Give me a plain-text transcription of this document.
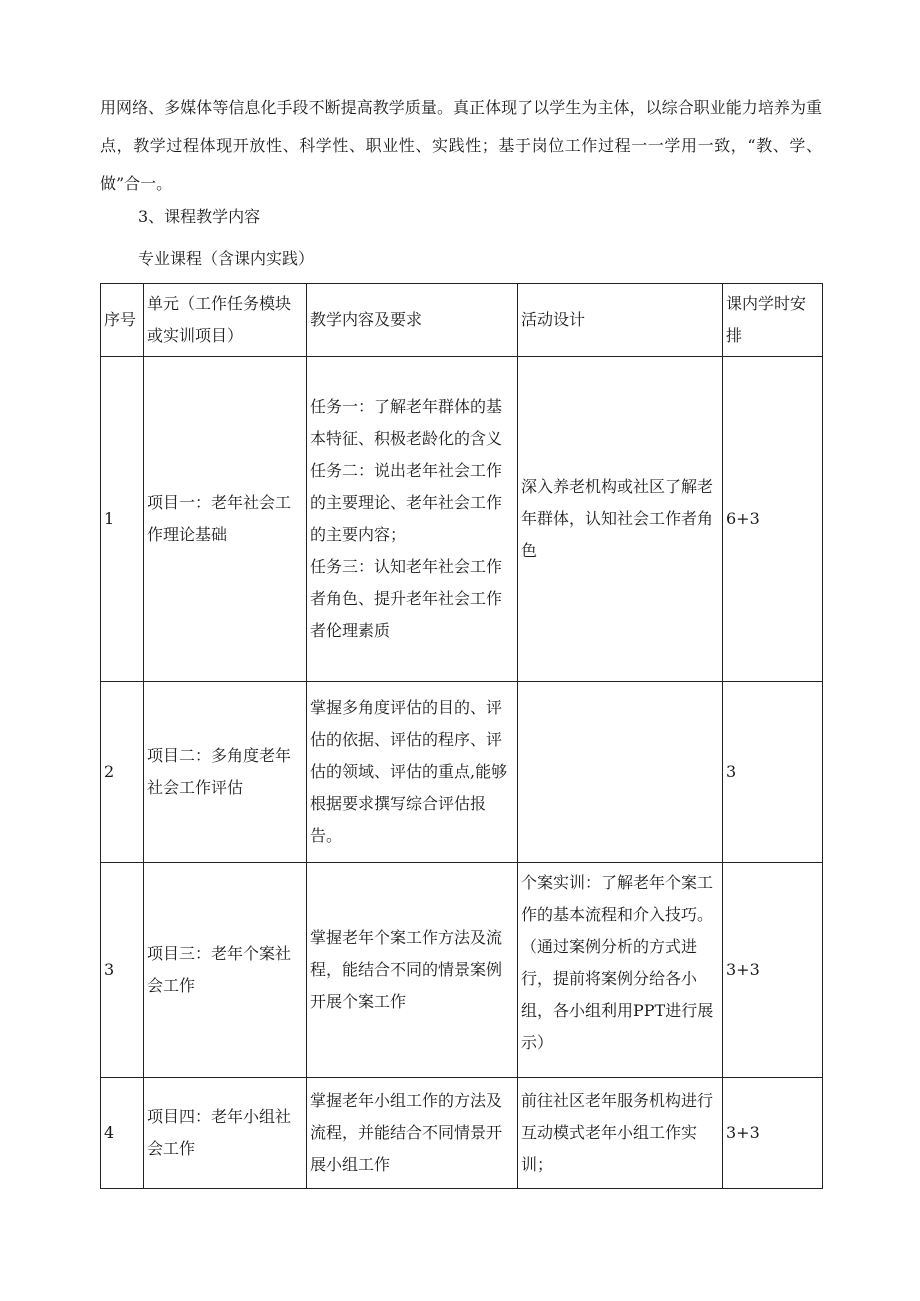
用网络、多媒体等信息化手段不断提高教学质量。真正体现了以学生为主体，以综合职业能力培养为重点，教学过程体现开放性、科学性、职业性、实践性；基于岗位工作过程一一学用一致，“教、学、做”合一。

3、课程教学内容
专业课程（含课内实践）
序号	单元（工作任务模块或实训项目）	教学内容及要求	活动设计	课内学时安排
1	项目一：老年社会工作理论基础	任务一：了解老年群体的基本特征、积极老龄化的含义
任务二：说出老年社会工作的主要理论、老年社会工作的主要内容；
任务三：认知老年社会工作者角色、提升老年社会工作者伦理素质	深入养老机构或社区了解老年群体，认知社会工作者角色	6+3
2	项目二：多角度老年社会工作评估	掌握多角度评估的目的、评估的依据、评估的程序、评估的领域、评估的重点,能够根据要求撰写综合评估报告。		3
3	项目三：老年个案社会工作	掌握老年个案工作方法及流程，能结合不同的情景案例开展个案工作	个案实训：了解老年个案工作的基本流程和介入技巧。（通过案例分析的方式进行，提前将案例分给各小组，各小组利用PPT进行展示）	3+3
4	项目四：老年小组社会工作	掌握老年小组工作的方法及流程，并能结合不同情景开展小组工作	前往社区老年服务机构进行互动模式老年小组工作实训；	3+3
